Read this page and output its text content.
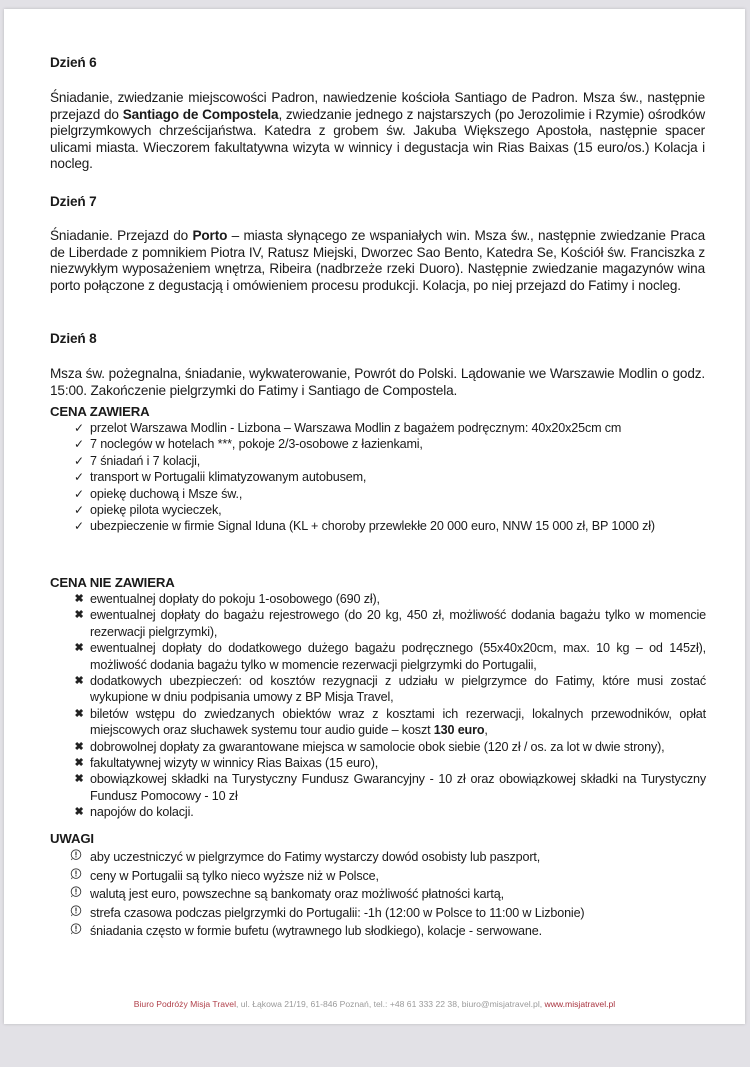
Dzień 6

Śniadanie, zwiedzanie miejscowości Padron, nawiedzenie kościoła Santiago de Padron. Msza św., następnie przejazd do Santiago de Compostela, zwiedzanie jednego z najstarszych (po Jerozolimie i Rzymie) ośrodków pielgrzymkowych chrześcijaństwa. Katedra z grobem św. Jakuba Większego Apostoła, następnie spacer ulicami miasta. Wieczorem fakultatywna wizyta w winnicy i degustacja win Rias Baixas (15 euro/os.) Kolacja i nocleg.

Dzień 7

Śniadanie. Przejazd do Porto – miasta słynącego ze wspaniałych win. Msza św., następnie zwiedzanie Praca de Liberdade z pomnikiem Piotra IV, Ratusz Miejski, Dworzec Sao Bento, Katedra Se, Kościół św. Franciszka z niezwykłym wyposażeniem wnętrza, Ribeira (nadbrzeże rzeki Duoro). Następnie zwiedzanie magazynów wina porto połączone z degustacją i omówieniem procesu produkcji. Kolacja, po niej przejazd do Fatimy i nocleg.

Dzień 8

Msza św. pożegnalna, śniadanie, wykwaterowanie, Powrót do Polski. Lądowanie we Warszawie Modlin o godz. 15:00. Zakończenie pielgrzymki do Fatimy i Santiago de Compostela.

CENA ZAWIERA
✓ przelot Warszawa Modlin - Lizbona – Warszawa Modlin z bagażem podręcznym: 40x20x25cm cm
✓ 7 noclegów w hotelach ***, pokoje 2/3-osobowe z łazienkami,
✓ 7 śniadań i 7 kolacji,
✓ transport w Portugalii klimatyzowanym autobusem,
✓ opiekę duchową i Msze św.,
✓ opiekę pilota wycieczek,
✓ ubezpieczenie w firmie Signal Iduna (KL + choroby przewlekłe 20 000 euro, NNW 15 000 zł, BP 1000 zł)
CENA NIE ZAWIERA
✖ ewentualnej dopłaty do pokoju 1-osobowego (690 zł),
✖ ewentualnej dopłaty do bagażu rejestrowego (do 20 kg, 450 zł, możliwość dodania bagażu tylko w momencie rezerwacji pielgrzymki),
✖ ewentualnej dopłaty do dodatkowego dużego bagażu podręcznego (55x40x20cm, max. 10 kg – od 145zł), możliwość dodania bagażu tylko w momencie rezerwacji pielgrzymki do Portugalii,
✖ dodatkowych ubezpieczeń: od kosztów rezygnacji z udziału w pielgrzymce do Fatimy, które musi zostać wykupione w dniu podpisania umowy z BP Misja Travel,
✖ biletów wstępu do zwiedzanych obiektów wraz z kosztami ich rezerwacji, lokalnych przewodników, opłat miejscowych oraz słuchawek systemu tour audio guide – koszt 130 euro,
✖ dobrowolnej dopłaty za gwarantowane miejsca w samolocie obok siebie (120 zł / os. za lot w dwie strony),
✖ fakultatywnej wizyty w winnicy Rias Baixas (15 euro),
✖ obowiązkowej składki na Turystyczny Fundusz Gwarancyjny - 10 zł oraz obowiązkowej składki na Turystyczny Fundusz Pomocowy - 10 zł
✖ napojów do kolacji.
UWAGI
aby uczestniczyć w pielgrzymce do Fatimy wystarczy dowód osobisty lub paszport,
ceny w Portugalii są tylko nieco wyższe niż w Polsce,
walutą jest euro, powszechne są bankomaty oraz możliwość płatności kartą,
strefa czasowa podczas pielgrzymki do Portugalii: -1h (12:00 w Polsce to 11:00 w Lizbonie)
śniadania często w formie bufetu (wytrawnego lub słodkiego), kolacje - serwowane.
Biuro Podróży Misja Travel, ul. Łąkowa 21/19, 61-846 Poznań, tel.: +48 61 333 22 38, biuro@misjatravel.pl, www.misjatravel.pl
